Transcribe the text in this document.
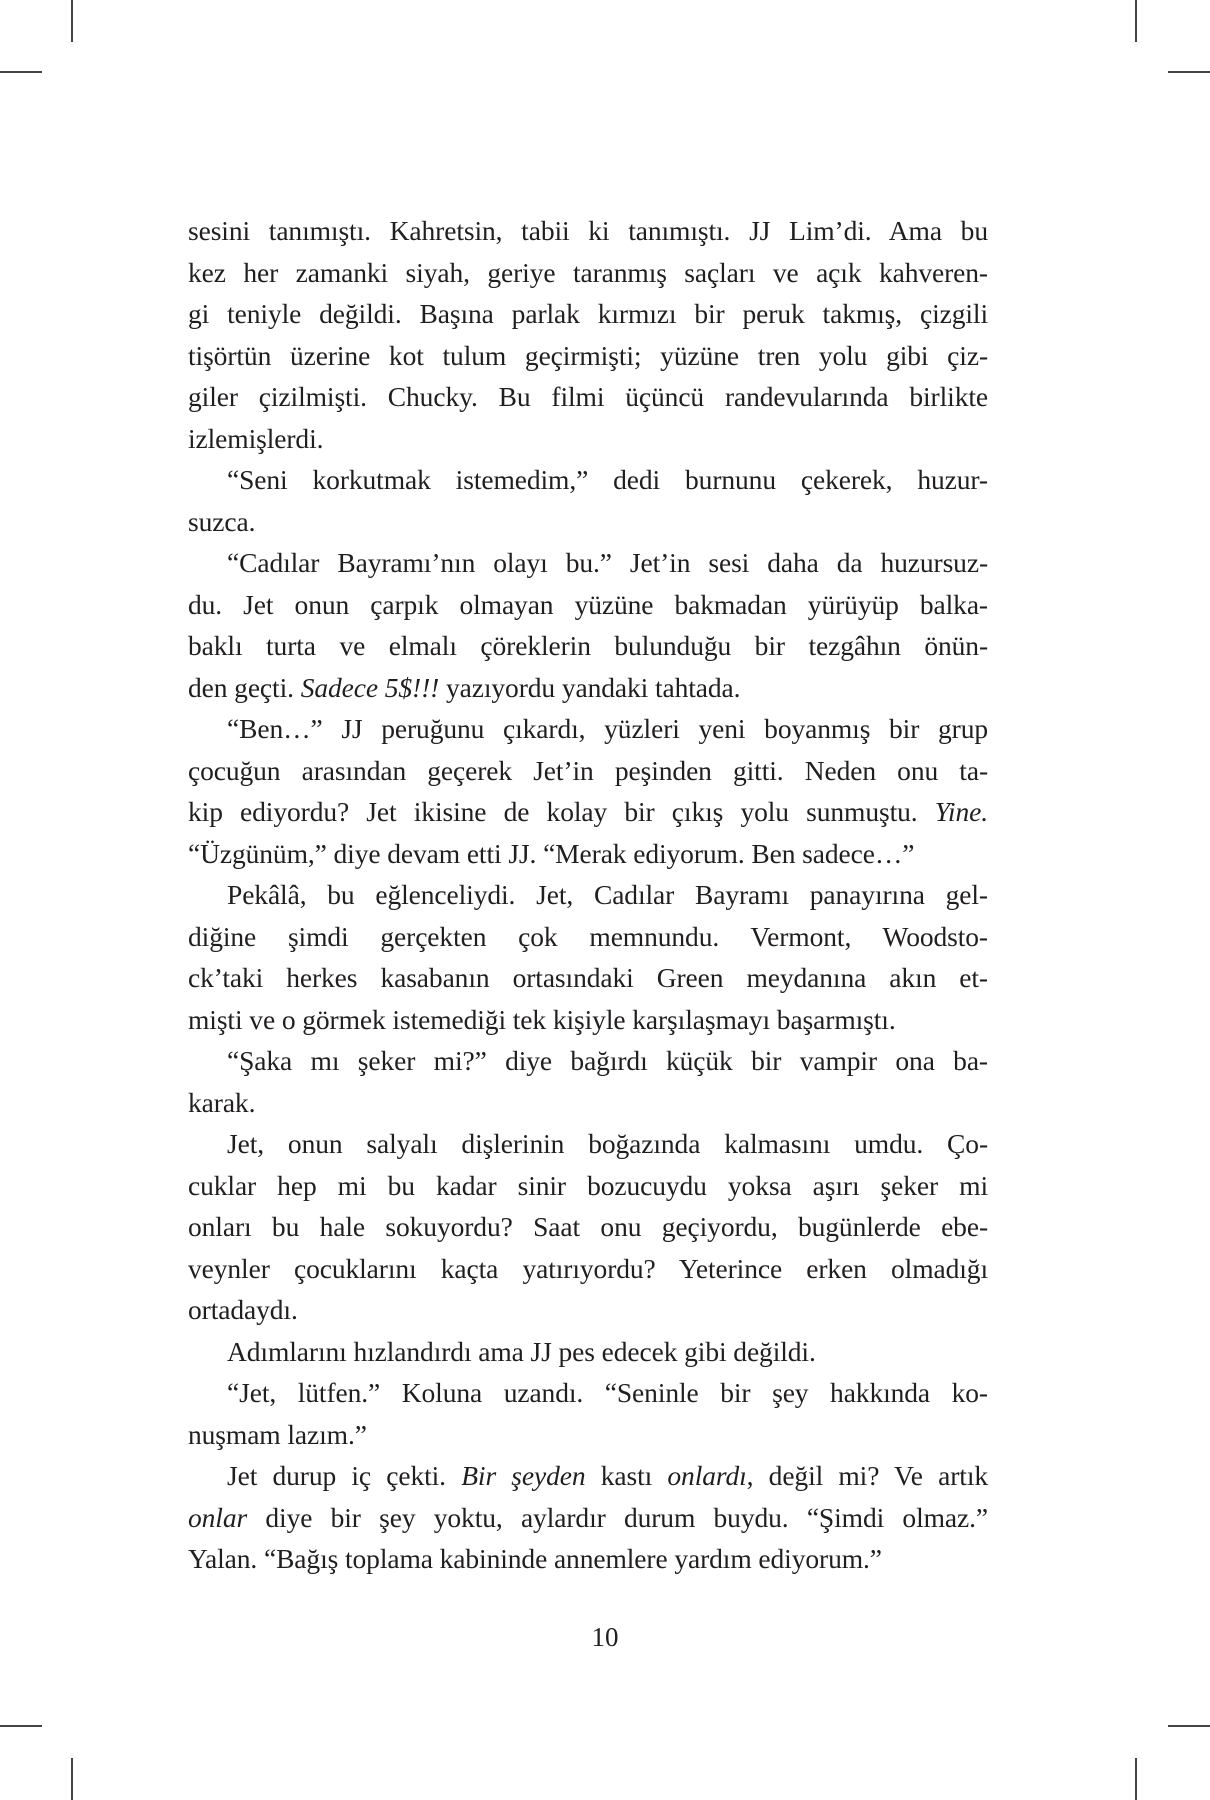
sesini tanımıştı. Kahretsin, tabii ki tanımıştı. JJ Lim’di. Ama bu
kez her zamanki siyah, geriye taranmış saçları ve açık kahveren-
gi teniyle değildi. Başına parlak kırmızı bir peruk takmış, çizgili
tişörtün üzerine kot tulum geçirmişti; yüzüne tren yolu gibi çiz-
giler çizilmişti. Chucky. Bu filmi üçüncü randevularında birlikte
izlemişlerdi.
“Seni korkutmak istemedim,” dedi burnunu çekerek, huzur-
suzca.
“Cadılar Bayramı’nın olayı bu.” Jet’in sesi daha da huzursuz-
du. Jet onun çarpık olmayan yüzüne bakmadan yürüyüp balka-
baklı turta ve elmalı çöreklerin bulunduğu bir tezgâhın önün-
den geçti. Sadece 5$!!! yazıyordu yandaki tahtada.
“Ben…” JJ peruğunu çıkardı, yüzleri yeni boyanmış bir grup
çocuğun arasından geçerek Jet’in peşinden gitti. Neden onu ta-
kip ediyordu? Jet ikisine de kolay bir çıkış yolu sunmuştu. Yine.
“Üzgünüm,” diye devam etti JJ. “Merak ediyorum. Ben sadece…”
Pekâlâ, bu eğlenceliydi. Jet, Cadılar Bayramı panayırına gel-
diğine şimdi gerçekten çok memnundu. Vermont, Woodsto-
ck’taki herkes kasabanın ortasındaki Green meydanına akın et-
mişti ve o görmek istemediği tek kişiyle karşılaşmayı başarmıştı.
“Şaka mı şeker mi?” diye bağırdı küçük bir vampir ona ba-
karak.
Jet, onun salyalı dişlerinin boğazında kalmasını umdu. Ço-
cuklar hep mi bu kadar sinir bozucuydu yoksa aşırı şeker mi
onları bu hale sokuyordu? Saat onu geçiyordu, bugünlerde ebe-
veynler çocuklarını kaçta yatırıyordu? Yeterince erken olmadığı
ortadaydı.
Adımlarını hızlandırdı ama JJ pes edecek gibi değildi.
“Jet, lütfen.” Koluna uzandı. “Seninle bir şey hakkında ko-
nuşmam lazım.”
Jet durup iç çekti. Bir şeyden kastı onlardı, değil mi? Ve artık
onlar diye bir şey yoktu, aylardır durum buydu. “Şimdi olmaz.”
Yalan. “Bağış toplama kabininde annemlere yardım ediyorum.”
10
